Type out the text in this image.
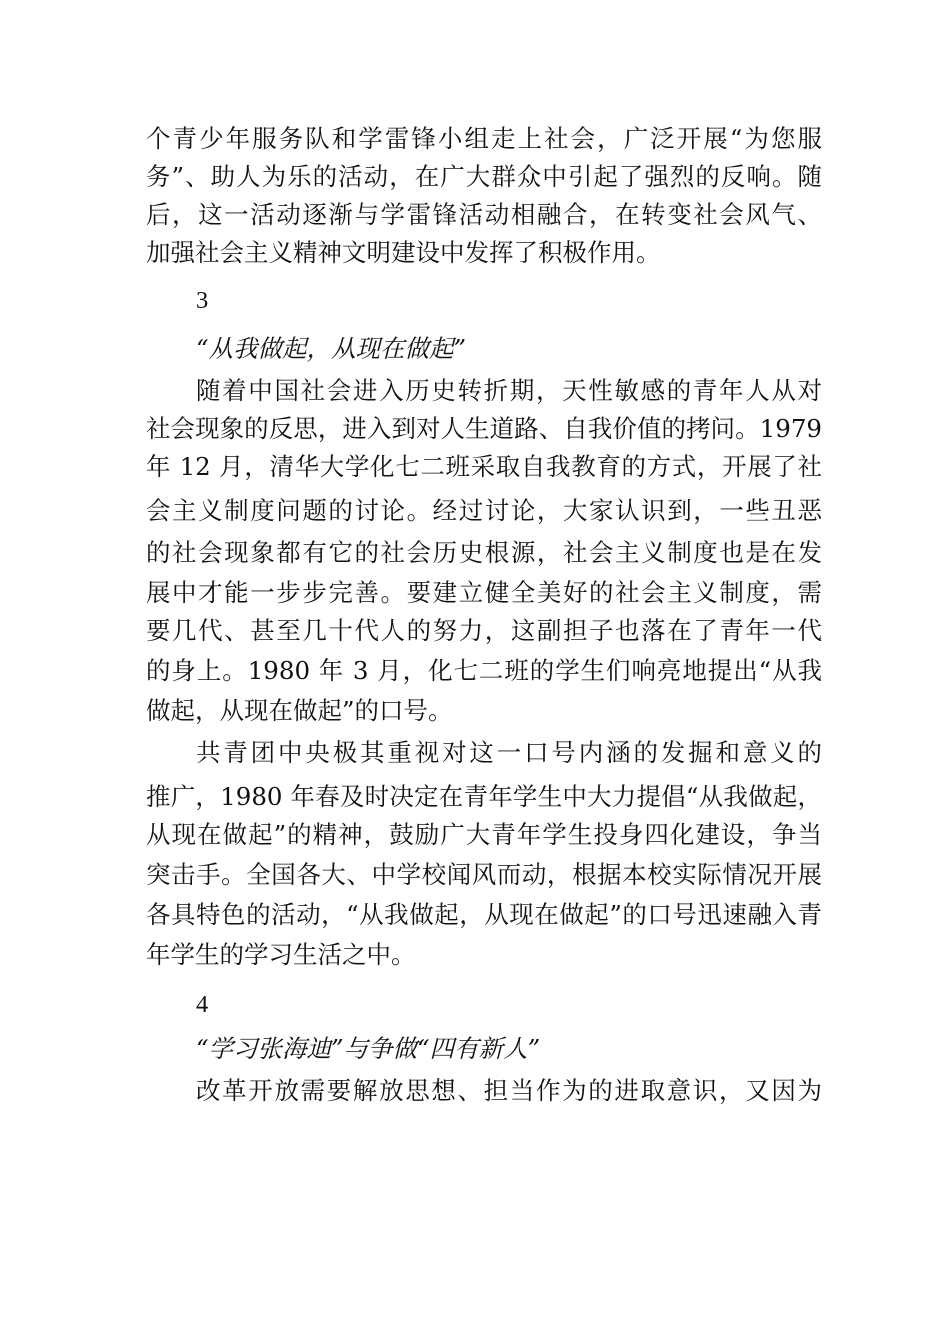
个青少年服务队和学雷锋小组走上社会，广泛开展“为您服
务”、助人为乐的活动，在广大群众中引起了强烈的反响。随
后，这一活动逐渐与学雷锋活动相融合，在转变社会风气、
加强社会主义精神文明建设中发挥了积极作用。
3
“从我做起，从现在做起”
随着中国社会进入历史转折期，天性敏感的青年人从对
社会现象的反思，进入到对人生道路、自我价值的拷问。1979
年 12 月，清华大学化七二班采取自我教育的方式，开展了社
会主义制度问题的讨论。经过讨论，大家认识到，一些丑恶
的社会现象都有它的社会历史根源，社会主义制度也是在发
展中才能一步步完善。要建立健全美好的社会主义制度，需
要几代、甚至几十代人的努力，这副担子也落在了青年一代
的身上。1980 年 3 月，化七二班的学生们响亮地提出“从我
做起，从现在做起”的口号。
共青团中央极其重视对这一口号内涵的发掘和意义的
推广，1980 年春及时决定在青年学生中大力提倡“从我做起，
从现在做起”的精神，鼓励广大青年学生投身四化建设，争当
突击手。全国各大、中学校闻风而动，根据本校实际情况开展
各具特色的活动，“从我做起，从现在做起”的口号迅速融入青
年学生的学习生活之中。
4
“学习张海迪”与争做“四有新人”
改革开放需要解放思想、担当作为的进取意识，又因为
